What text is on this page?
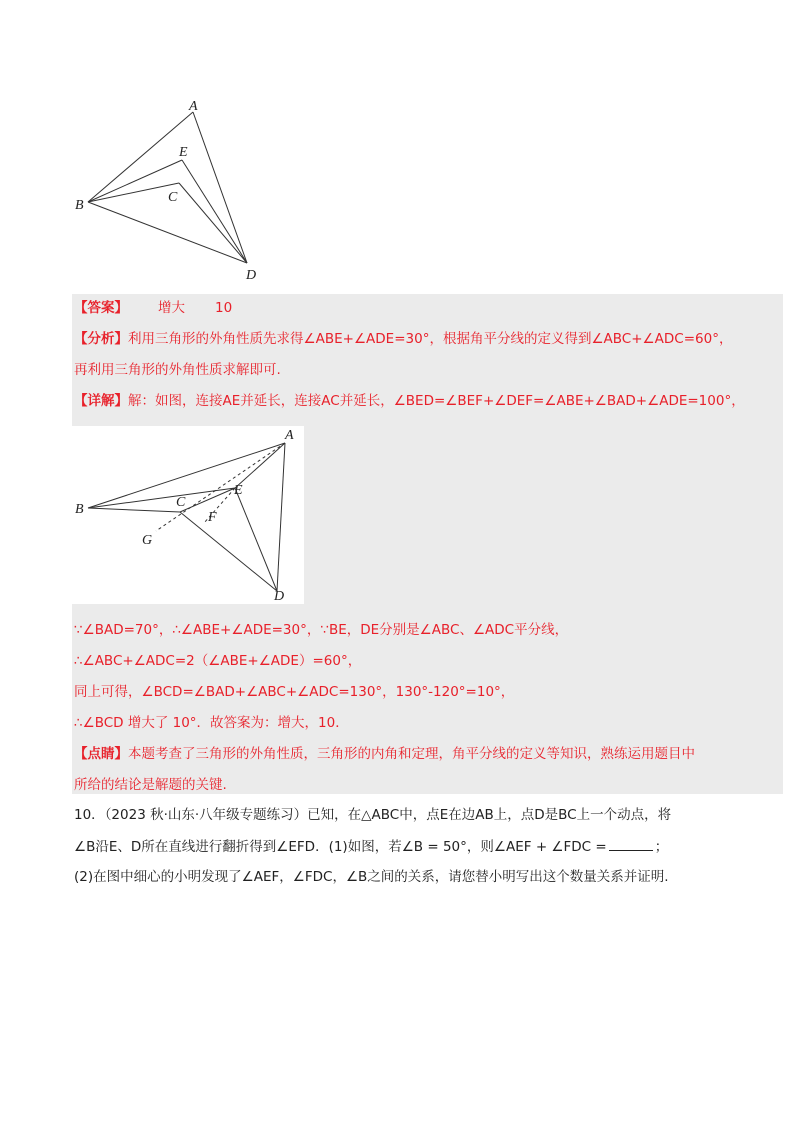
A
E
C
B
D
【答案】 增大 10
【分析】利用三角形的外角性质先求得∠ABE+∠ADE=30°，根据角平分线的定义得到∠ABC+∠ADC=60°，
再利用三角形的外角性质求解即可.
【详解】解：如图，连接AE并延长，连接AC并延长，∠BED=∠BEF+∠DEF=∠ABE+∠BAD+∠ADE=100°，
A
E
C
B
F
G
D
∵∠BAD=70°，∴∠ABE+∠ADE=30°，∵BE，DE分别是∠ABC、∠ADC平分线，
∴∠ABC+∠ADC=2（∠ABE+∠ADE）=60°，
同上可得，∠BCD=∠BAD+∠ABC+∠ADC=130°，130°-120°=10°，
∴∠BCD 增大了 10°．故答案为：增大，10．
【点睛】本题考查了三角形的外角性质，三角形的内角和定理，角平分线的定义等知识，熟练运用题目中
所给的结论是解题的关键.
10．（2023 秋·山东·八年级专题练习）已知，在△ABC中，点E在边AB上，点D是BC上一个动点，将
∠B沿E、D所在直线进行翻折得到∠EFD．(1)如图，若∠B = 50°，则∠AEF + ∠FDC =	；
(2)在图中细心的小明发现了∠AEF，∠FDC，∠B之间的关系，请您替小明写出这个数量关系并证明.
